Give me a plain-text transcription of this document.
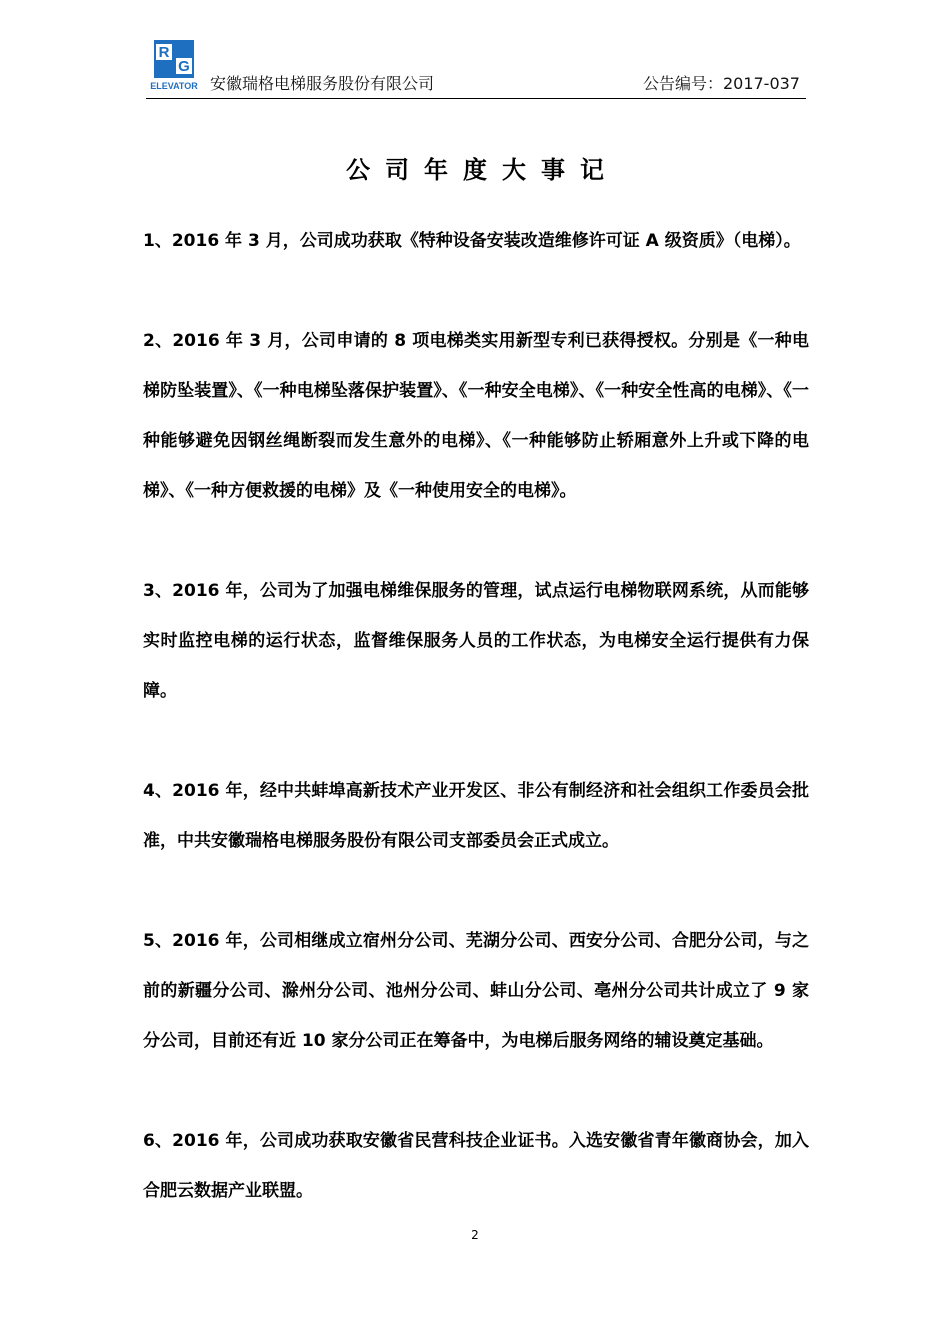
R
G
ELEVATOR 安徽瑞格电梯服务股份有限公司	公告编号：2017-037
公司年度大事记

1、2016 年 3 月，公司成功获取《特种设备安装改造维修许可证 A 级资质》（电梯）。

2、2016 年 3 月，公司申请的 8 项电梯类实用新型专利已获得授权。分别是《一种电梯防坠装置》、《一种电梯坠落保护装置》、《一种安全电梯》、《一种安全性高的电梯》、《一种能够避免因钢丝绳断裂而发生意外的电梯》、《一种能够防止轿厢意外上升或下降的电梯》、《一种方便救援的电梯》及《一种使用安全的电梯》。

3、2016 年，公司为了加强电梯维保服务的管理，试点运行电梯物联网系统，从而能够实时监控电梯的运行状态，监督维保服务人员的工作状态，为电梯安全运行提供有力保障。

4、2016 年，经中共蚌埠高新技术产业开发区、非公有制经济和社会组织工作委员会批准，中共安徽瑞格电梯服务股份有限公司支部委员会正式成立。

5、2016 年，公司相继成立宿州分公司、芜湖分公司、西安分公司、合肥分公司，与之前的新疆分公司、滁州分公司、池州分公司、蚌山分公司、亳州分公司共计成立了 9 家分公司，目前还有近 10 家分公司正在筹备中，为电梯后服务网络的辅设奠定基础。

6、2016 年，公司成功获取安徽省民营科技企业证书。入选安徽省青年徽商协会，加入合肥云数据产业联盟。

2
